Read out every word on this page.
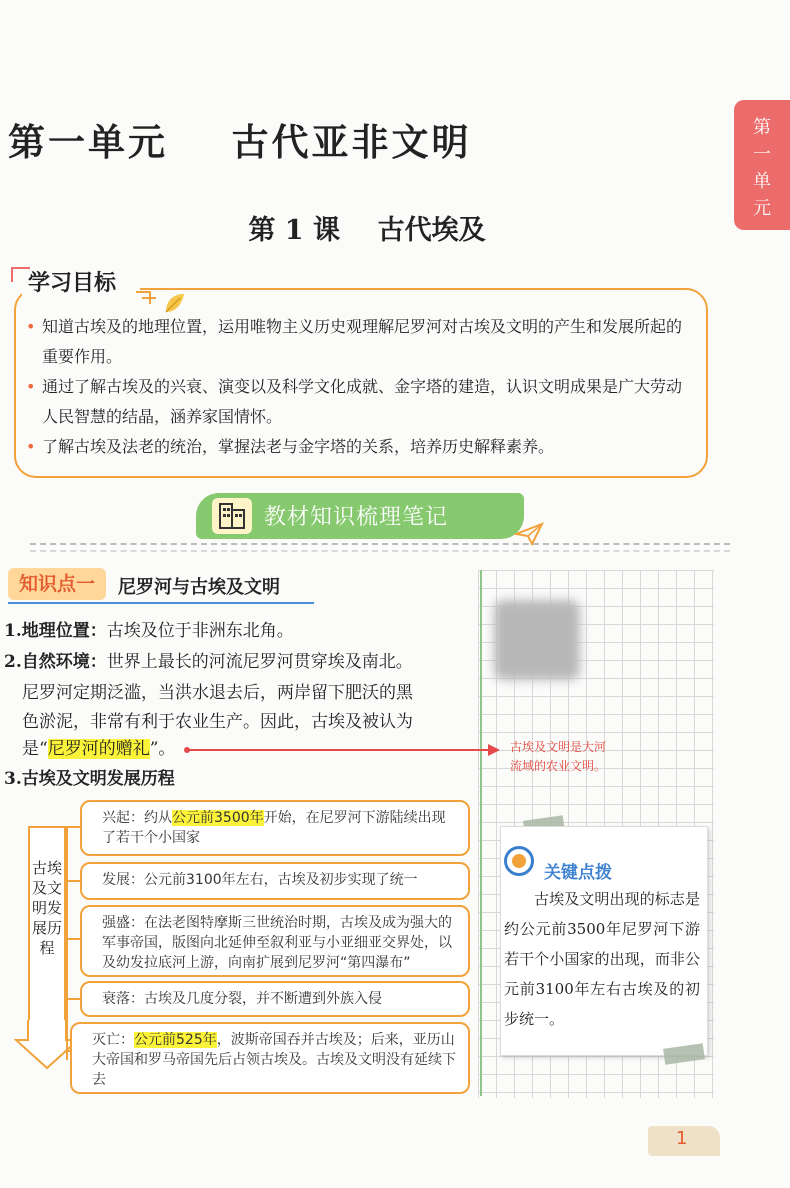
第一单元    古代亚非文明	第
一
单
元
第 1 课    古代埃及
学习目标
• 知道古埃及的地理位置，运用唯物主义历史观理解尼罗河对古埃及文明的产生和发展所起的重要作用。
• 通过了解古埃及的兴衰、演变以及科学文化成就、金字塔的建造，认识文明成果是广大劳动人民智慧的结晶，涵养家国情怀。
• 了解古埃及法老的统治，掌握法老与金字塔的关系，培养历史解释素养。
教材知识梳理笔记
知识点一	尼罗河与古埃及文明
1.地理位置：古埃及位于非洲东北角。
2.自然环境：世界上最长的河流尼罗河贯穿埃及南北。
尼罗河定期泛滥，当洪水退去后，两岸留下肥沃的黑
色淤泥，非常有利于农业生产。因此，古埃及被认为
是“尼罗河的赠礼”。
3.古埃及文明发展历程
古埃及文明是大河
流域的农业文明。
古埃及文明发展历程
兴起：约从公元前3500年开始，在尼罗河下游陆续出现了若干个小国家
发展：公元前3100年左右，古埃及初步实现了统一
强盛：在法老图特摩斯三世统治时期，古埃及成为强大的军事帝国，版图向北延伸至叙利亚与小亚细亚交界处，以及幼发拉底河上游，向南扩展到尼罗河“第四瀑布”
衰落：古埃及几度分裂，并不断遭到外族入侵
灭亡：公元前525年，波斯帝国吞并古埃及；后来，亚历山大帝国和罗马帝国先后占领古埃及。古埃及文明没有延续下去
关键点拨
古埃及文明出现的标志是约公元前3500年尼罗河下游若干个小国家的出现，而非公元前3100年左右古埃及的初步统一。
1
